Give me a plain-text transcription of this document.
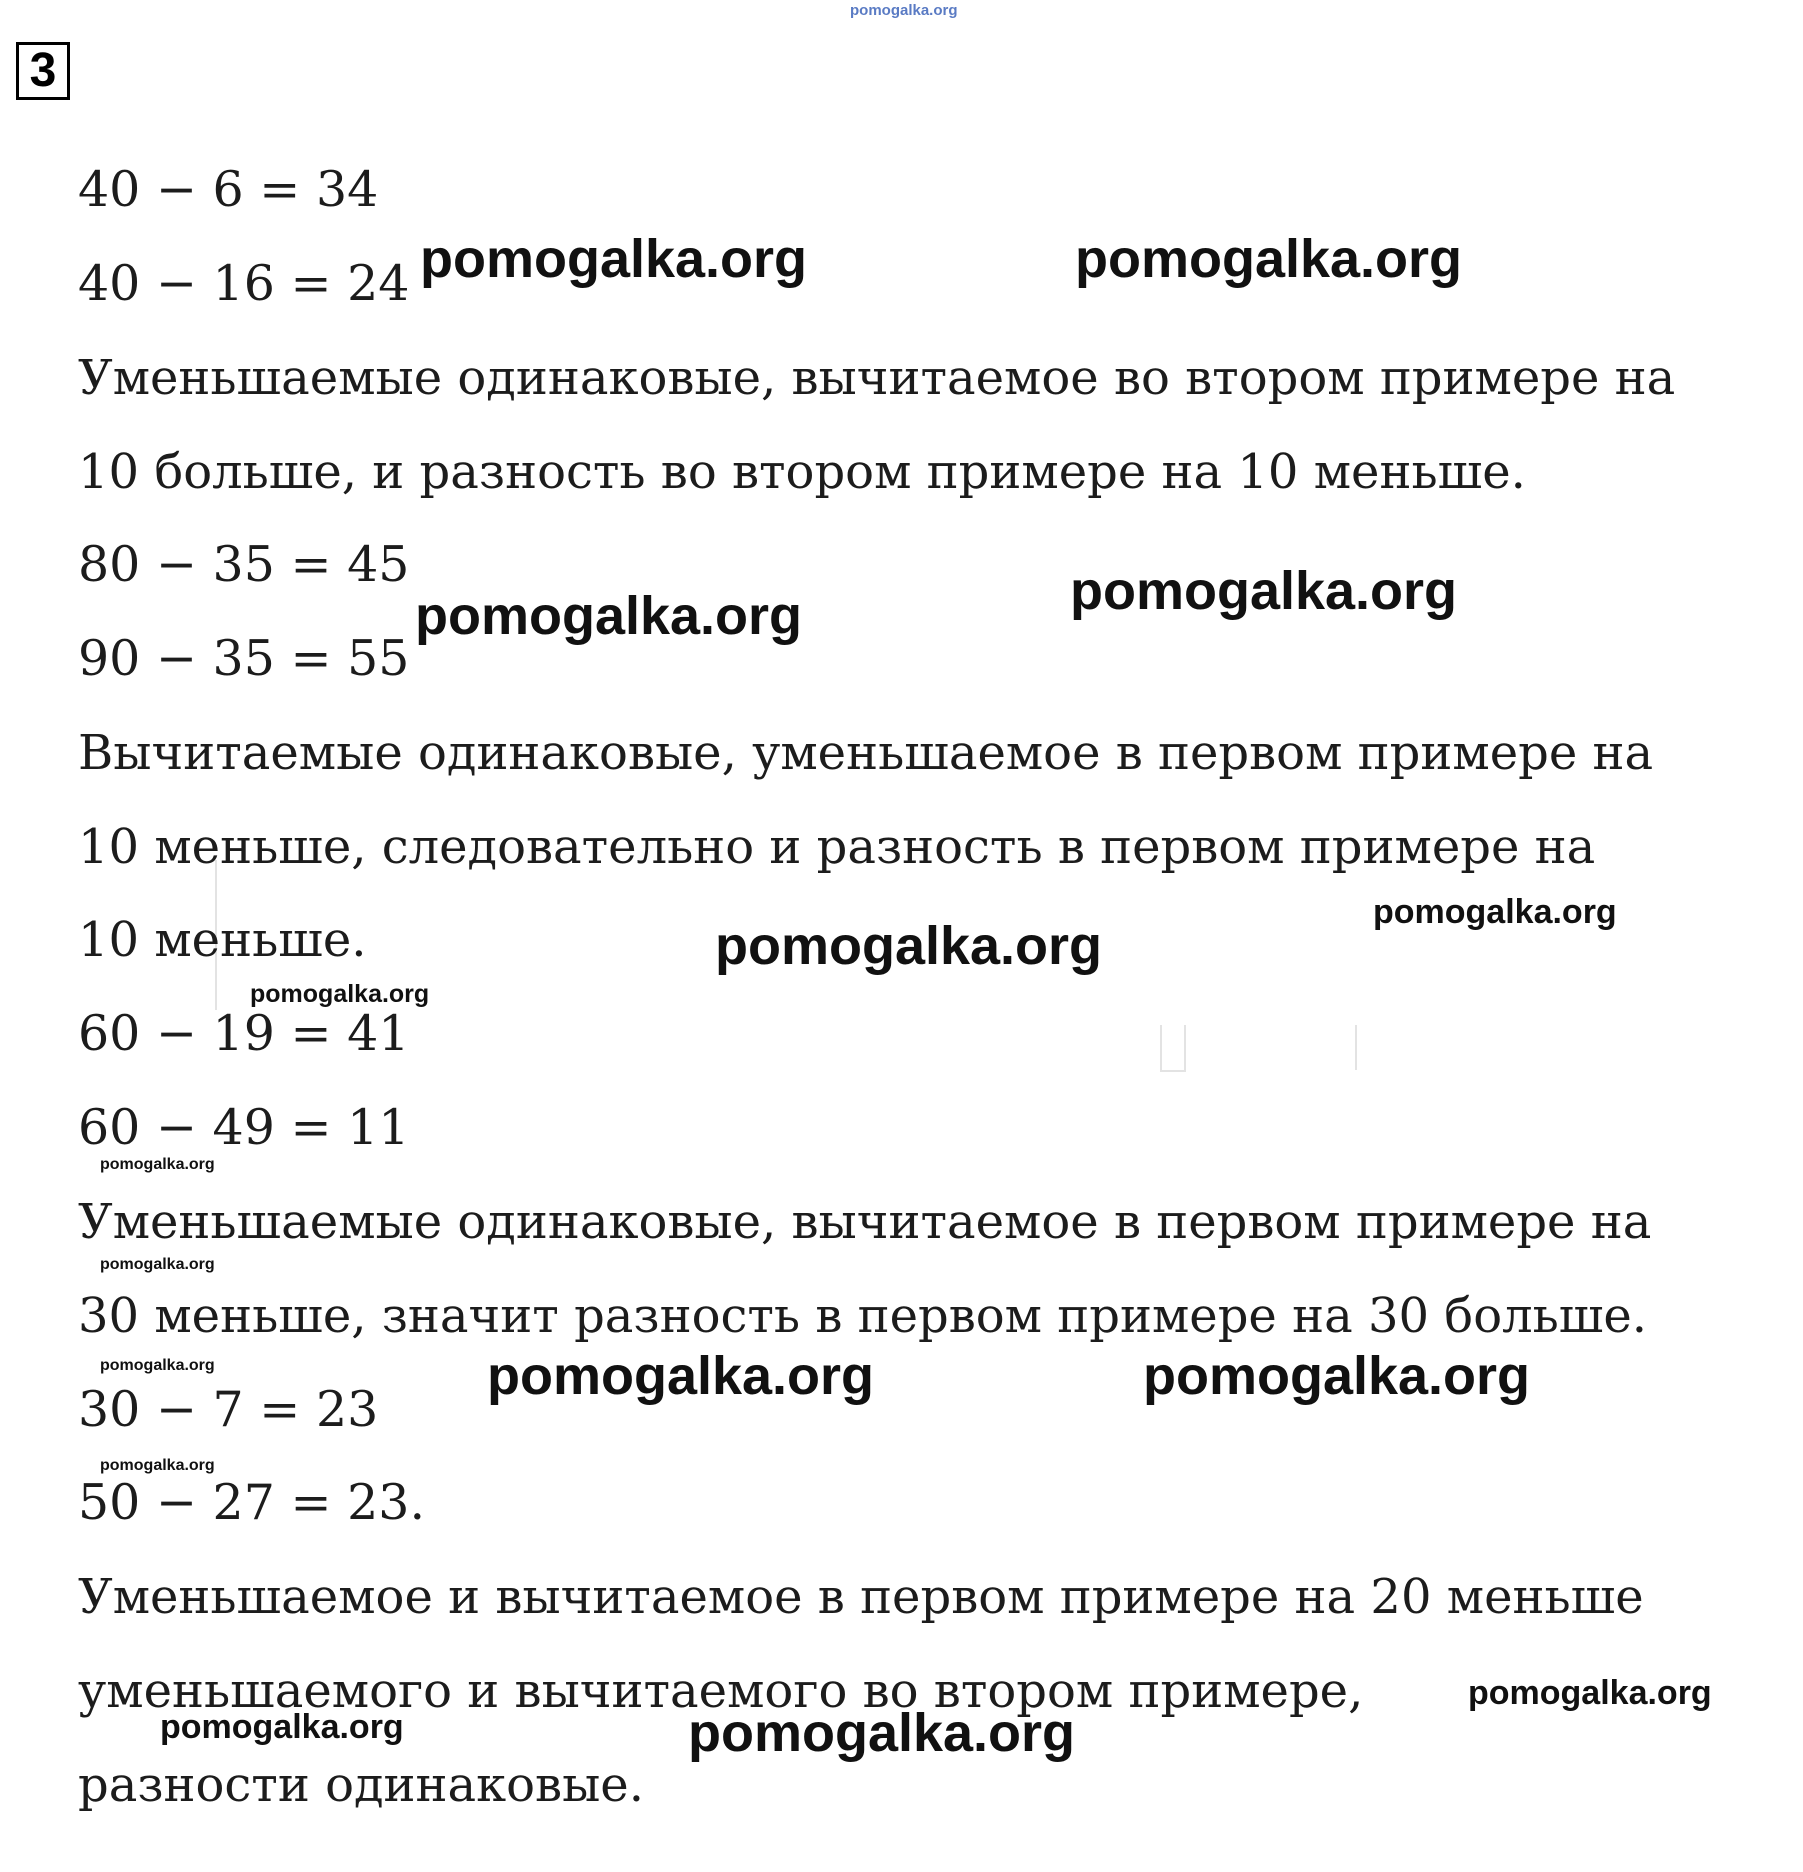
pomogalka.org
3
40 − 6 = 34
40 − 16 = 24
Уменьшаемые одинаковые, вычитаемое во втором примере на
10 больше, и разность во втором примере на 10 меньше.
80 − 35 = 45
90 − 35 = 55
Вычитаемые одинаковые, уменьшаемое в первом примере на
10 меньше, следовательно и разность в первом примере на
10 меньше.
60 − 19 = 41
60 − 49 = 11
Уменьшаемые одинаковые, вычитаемое в первом примере на
30 меньше, значит разность в первом примере на 30 больше.
30 − 7 = 23
50 − 27 = 23.
Уменьшаемое и вычитаемое в первом примере на 20 меньше
уменьшаемого и вычитаемого во втором примере,
разности одинаковые.
pomogalka.org	pomogalka.org
pomogalka.org	pomogalka.org
pomogalka.org
pomogalka.org
pomogalka.org
pomogalka.org
pomogalka.org
pomogalka.org	pomogalka.org	pomogalka.org
pomogalka.org
pomogalka.org
pomogalka.org	pomogalka.org
